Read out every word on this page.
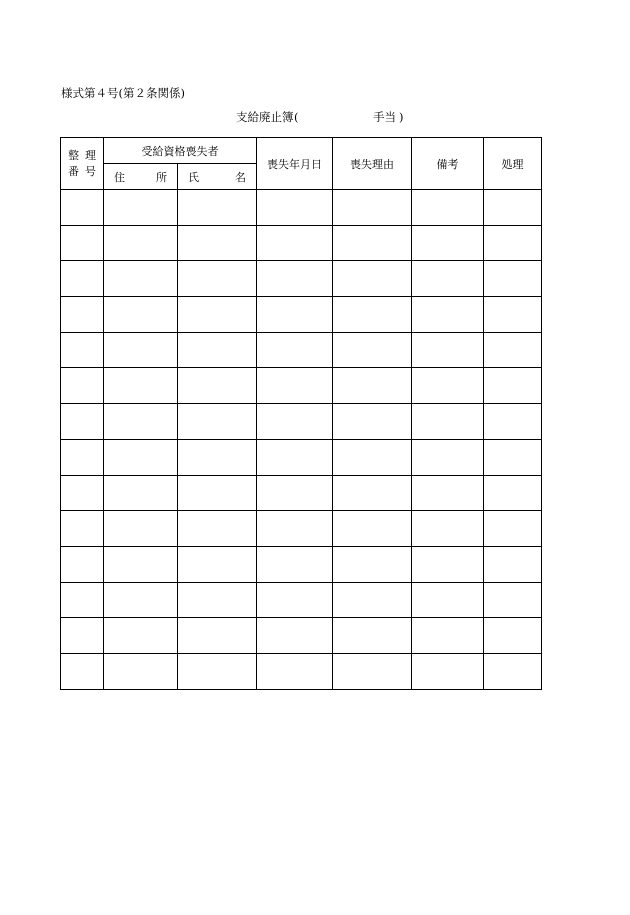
様式第４号(第２条関係)
支給廃止簿 (	手当 )
整理
番号	受給資格喪失者		喪失年月日	喪失理由	備考	処理

	住 所	氏 名				
